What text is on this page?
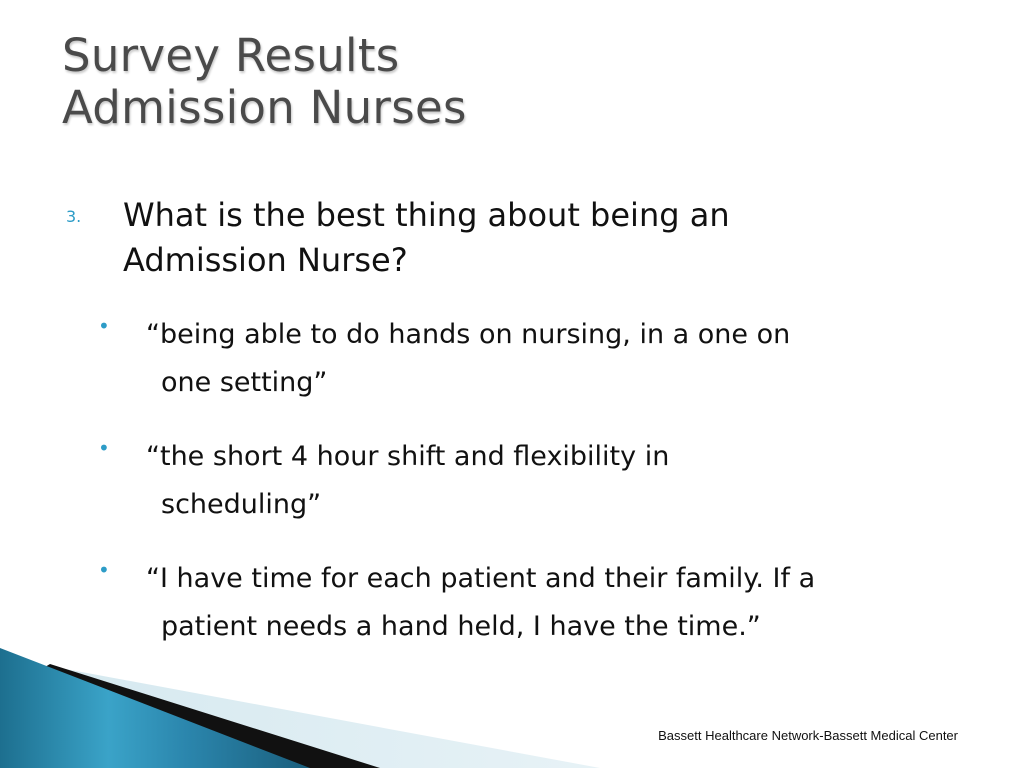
Survey Results
Admission Nurses
3. What is the best thing about being an
Admission Nurse?
• “being able to do hands on nursing, in a one on
one setting”
• “the short 4 hour shift and flexibility in
scheduling”
• “I have time for each patient and their family. If a
patient needs a hand held, I have the time.”
Bassett Healthcare Network-Bassett Medical Center
